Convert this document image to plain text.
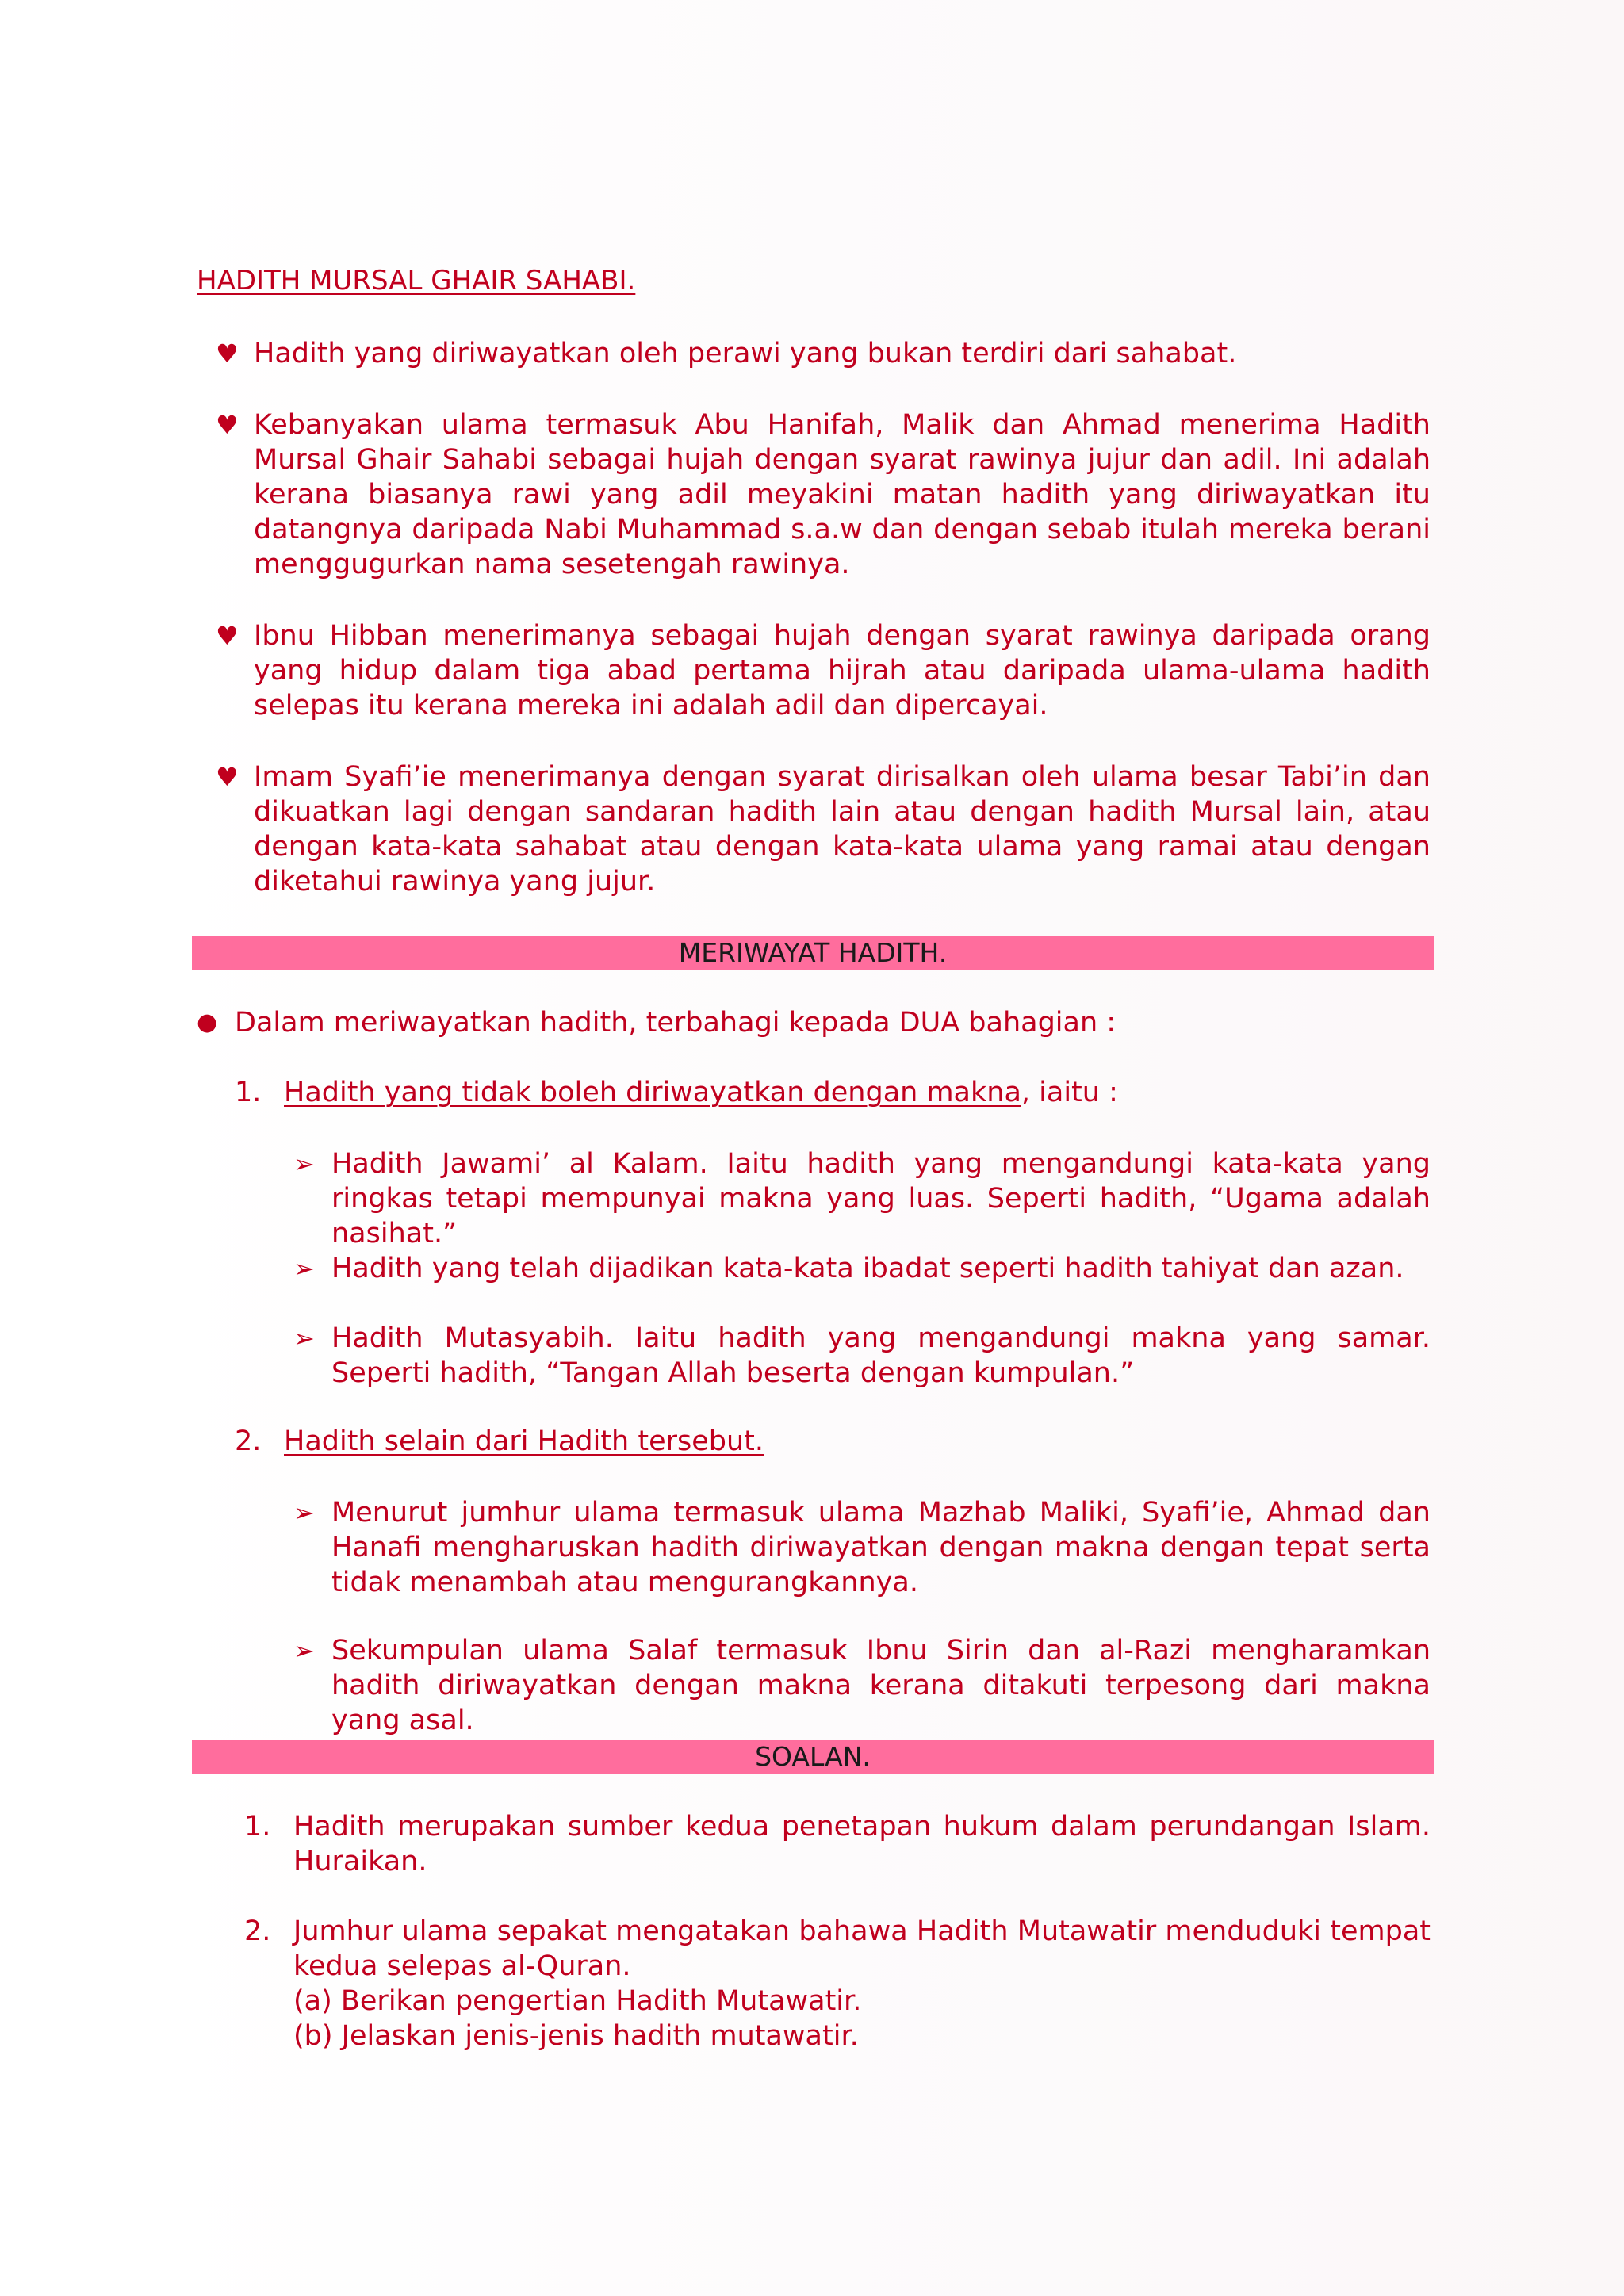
HADITH MURSAL GHAIR SAHABI.
♥ Hadith yang diriwayatkan oleh perawi yang bukan terdiri dari sahabat.
♥ Kebanyakan ulama termasuk Abu Hanifah, Malik dan Ahmad menerima Hadith Mursal Ghair Sahabi sebagai hujah dengan syarat rawinya jujur dan adil. Ini adalah kerana biasanya rawi yang adil meyakini matan hadith yang diriwayatkan itu datangnya daripada Nabi Muhammad s.a.w dan dengan sebab itulah mereka berani menggugurkan nama sesetengah rawinya.
♥ Ibnu Hibban menerimanya sebagai hujah dengan syarat rawinya daripada orang yang hidup dalam tiga abad pertama hijrah atau daripada ulama-ulama hadith selepas itu kerana mereka ini adalah adil dan dipercayai.
♥ Imam Syafi’ie menerimanya dengan syarat dirisalkan oleh ulama besar Tabi’in dan dikuatkan lagi dengan sandaran hadith lain atau dengan hadith Mursal lain, atau dengan kata-kata sahabat atau dengan kata-kata ulama yang ramai atau dengan diketahui rawinya yang jujur.
MERIWAYAT HADITH.
● Dalam meriwayatkan hadith, terbahagi kepada DUA bahagian :
1. Hadith yang tidak boleh diriwayatkan dengan makna, iaitu :
➢ Hadith Jawami’ al Kalam. Iaitu hadith yang mengandungi kata-kata yang ringkas tetapi mempunyai makna yang luas. Seperti hadith, “Ugama adalah nasihat.”
➢ Hadith yang telah dijadikan kata-kata ibadat seperti hadith tahiyat dan azan.
➢ Hadith Mutasyabih. Iaitu hadith yang mengandungi makna yang samar. Seperti hadith, “Tangan Allah beserta dengan kumpulan.”
2. Hadith selain dari Hadith tersebut.
➢ Menurut jumhur ulama termasuk ulama Mazhab Maliki, Syafi’ie, Ahmad dan Hanafi mengharuskan hadith diriwayatkan dengan makna dengan tepat serta tidak menambah atau mengurangkannya.
➢ Sekumpulan ulama Salaf termasuk Ibnu Sirin dan al-Razi mengharamkan hadith diriwayatkan dengan makna kerana ditakuti terpesong dari makna yang asal.
SOALAN.
1. Hadith merupakan sumber kedua penetapan hukum dalam perundangan Islam. Huraikan.
2. Jumhur ulama sepakat mengatakan bahawa Hadith Mutawatir menduduki tempat kedua selepas al-Quran.
(a) Berikan pengertian Hadith Mutawatir.
(b) Jelaskan jenis-jenis hadith mutawatir.
